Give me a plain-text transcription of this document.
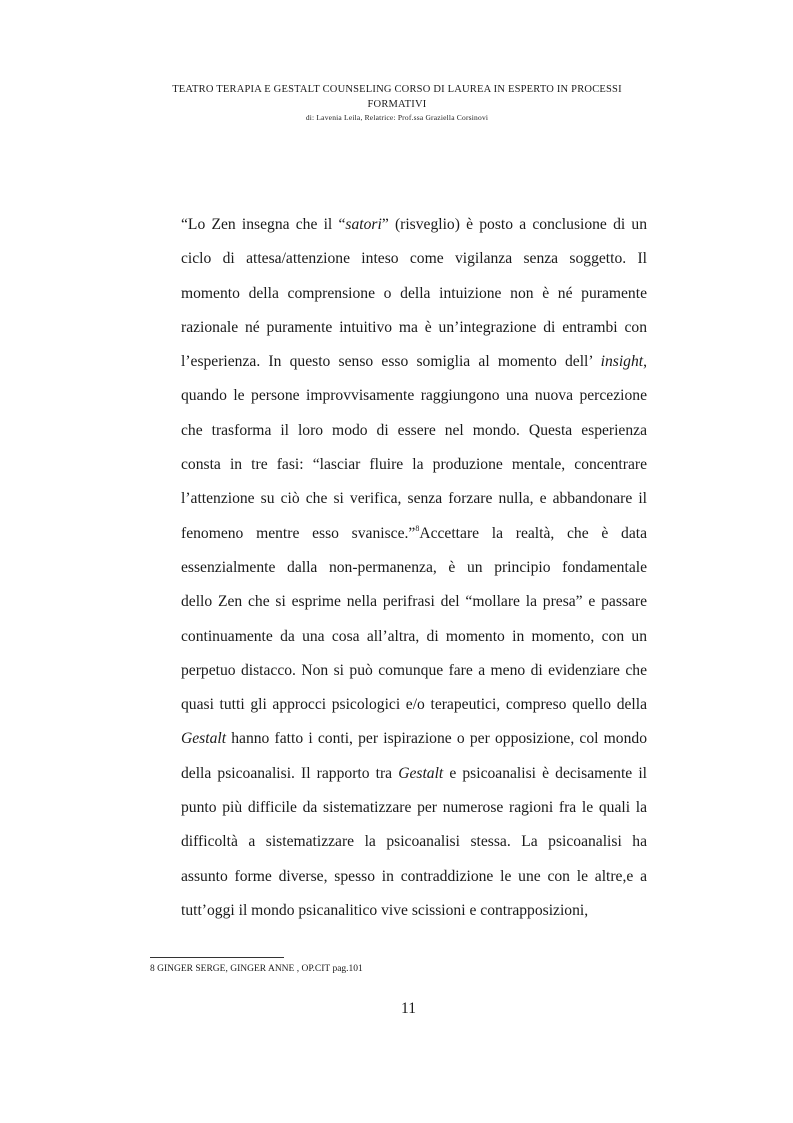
TEATRO TERAPIA E GESTALT COUNSELING CORSO DI LAUREA IN ESPERTO IN PROCESSI
FORMATIVI
di: Lavenia Leila, Relatrice: Prof.ssa Graziella Corsinovi
“Lo Zen insegna che il “satori” (risveglio) è posto a conclusione di un
ciclo di attesa/attenzione inteso come vigilanza senza soggetto. Il
momento della comprensione o della intuizione non è né puramente
razionale né puramente intuitivo ma è un’integrazione di entrambi con
l’esperienza. In questo senso esso somiglia al momento dell’ insight,
quando le persone improvvisamente raggiungono una nuova percezione
che trasforma il loro modo di essere nel mondo. Questa esperienza
consta in tre fasi: “lasciar fluire la produzione mentale, concentrare
l’attenzione su ciò che si verifica, senza forzare nulla, e abbandonare il
fenomeno mentre esso svanisce.”$^8$Accettare la realtà, che è data
essenzialmente dalla non-permanenza, è un principio fondamentale
dello Zen che si esprime nella perifrasi del “mollare la presa” e passare
continuamente da una cosa all’altra, di momento in momento, con un
perpetuo distacco. Non si può comunque fare a meno di evidenziare che
quasi tutti gli approcci psicologici e/o terapeutici, compreso quello della
Gestalt hanno fatto i conti, per ispirazione o per opposizione, col mondo
della psicoanalisi. Il rapporto tra Gestalt e psicoanalisi è decisamente il
punto più difficile da sistematizzare per numerose ragioni fra le quali la
difficoltà a sistematizzare la psicoanalisi stessa. La psicoanalisi ha
assunto forme diverse, spesso in contraddizione le une con le altre,e a
tutt’oggi il mondo psicanalitico vive scissioni e contrapposizioni,
8 GINGER SERGE, GINGER ANNE , OP.CIT pag.101
11
